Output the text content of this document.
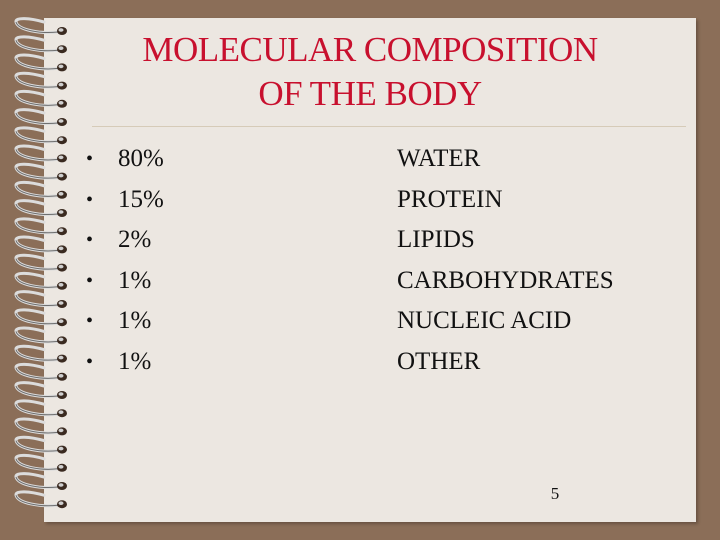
MOLECULAR COMPOSITION
OF THE BODY
• 80%	WATER
• 15%	PROTEIN
• 2%	LIPIDS
• 1%	CARBOHYDRATES
• 1%	NUCLEIC ACID
• 1%	OTHER
5
